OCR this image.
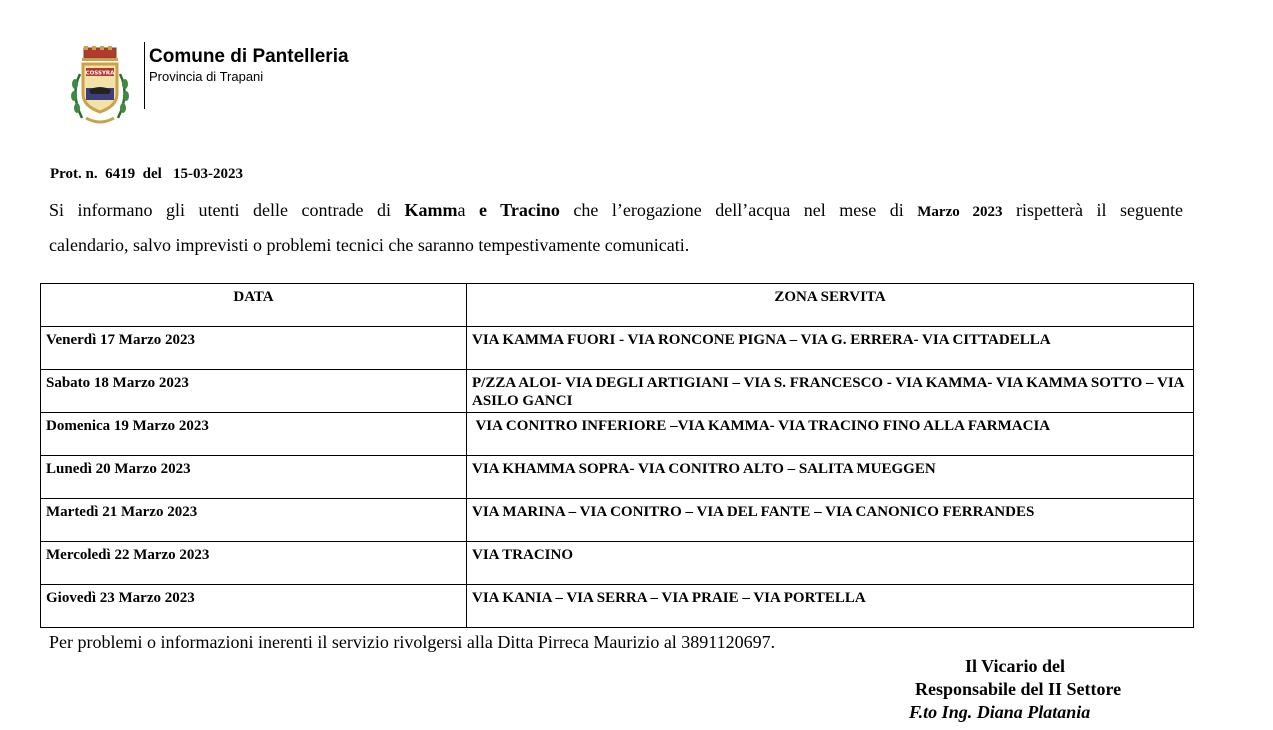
COSSYRA
Comune di Pantelleria
Provincia di Trapani
Prot. n.  6419  del   15-03-2023
Si informano gli utenti delle contrade di Kamma e Tracino che l’erogazione dell’acqua nel mese di Marzo 2023 rispetterà il seguente
calendario, salvo imprevisti o problemi tecnici che saranno tempestivamente comunicati.
DATA	ZONA SERVITA
Venerdì 17 Marzo 2023	VIA KAMMA FUORI - VIA RONCONE PIGNA – VIA G. ERRERA- VIA CITTADELLA
Sabato 18 Marzo 2023	P/ZZA ALOI- VIA DEGLI ARTIGIANI – VIA S. FRANCESCO - VIA KAMMA- VIA KAMMA SOTTO – VIA ASILO GANCI
Domenica 19 Marzo 2023	VIA CONITRO INFERIORE –VIA KAMMA- VIA TRACINO FINO ALLA FARMACIA
Lunedì 20 Marzo 2023	VIA KHAMMA SOPRA- VIA CONITRO ALTO – SALITA MUEGGEN
Martedì 21 Marzo 2023	VIA MARINA – VIA CONITRO – VIA DEL FANTE – VIA CANONICO FERRANDES
Mercoledì 22 Marzo 2023	VIA TRACINO
Giovedì 23 Marzo 2023	VIA KANIA – VIA SERRA – VIA PRAIE – VIA PORTELLA
Per problemi o informazioni inerenti il servizio rivolgersi alla Ditta Pirreca Maurizio al 3891120697.
Il Vicario del
Responsabile del II Settore
F.to Ing. Diana Platania
